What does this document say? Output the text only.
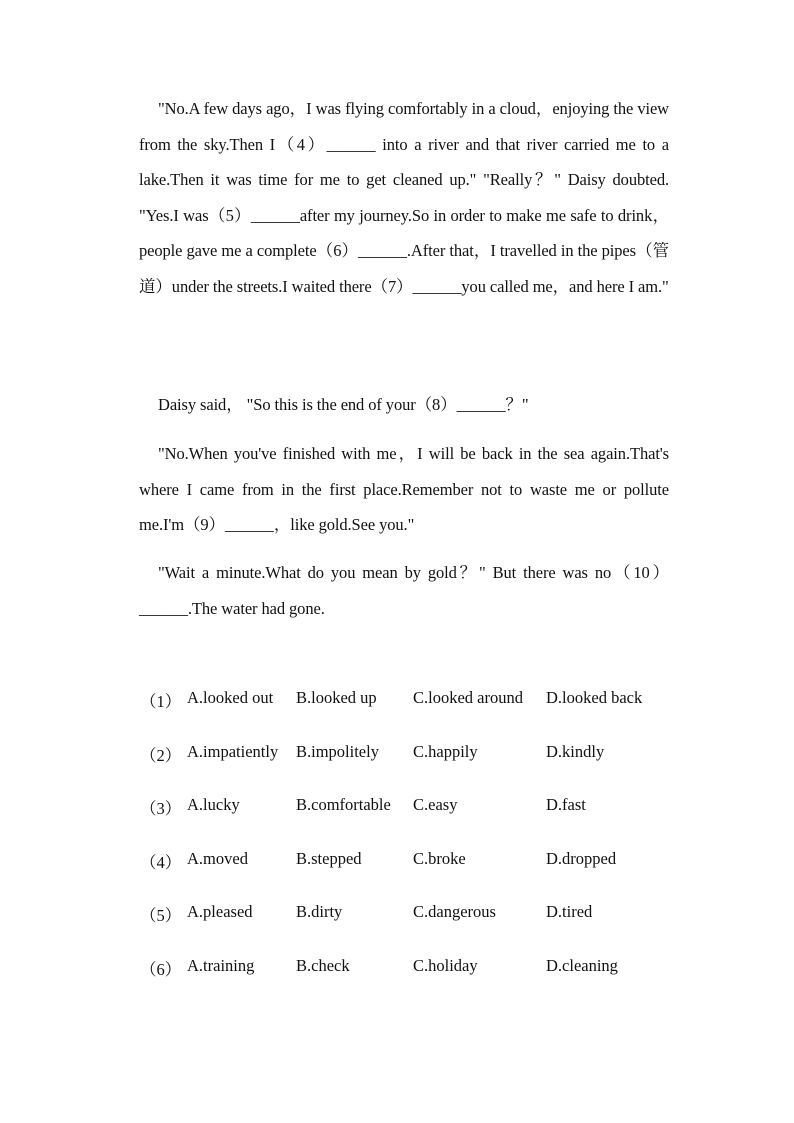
"No.A few days ago，I was flying comfortably in a cloud，enjoying the view from the sky.Then I（4）______ into a river and that river carried me to a lake.Then it was time for me to get cleaned up." "Really？" Daisy doubted. "Yes.I was（5）______after my journey.So in order to make me safe to drink，people gave me a complete（6）______.After that，I travelled in the pipes（管道）under the streets.I waited there（7）______you called me，and here I am."

Daisy said， "So this is the end of your（8）______？"

"No.When you've finished with me，I will be back in the sea again.That's where I came from in the first place.Remember not to waste me or pollute me.I'm（9）______，like gold.See you."

"Wait a minute.What do you mean by gold？" But there was no（10）______.The water had gone.

（1） A.looked out B.looked up C.looked around D.looked back
（2） A.impatiently B.impolitely C.happily	D.kindly
（3） A.lucky	B.comfortable C.easy	D.fast
（4） A.moved	B.stepped	C.broke	D.dropped
（5） A.pleased	B.dirty	C.dangerous	D.tired
（6） A.training	B.check	C.holiday	D.cleaning
